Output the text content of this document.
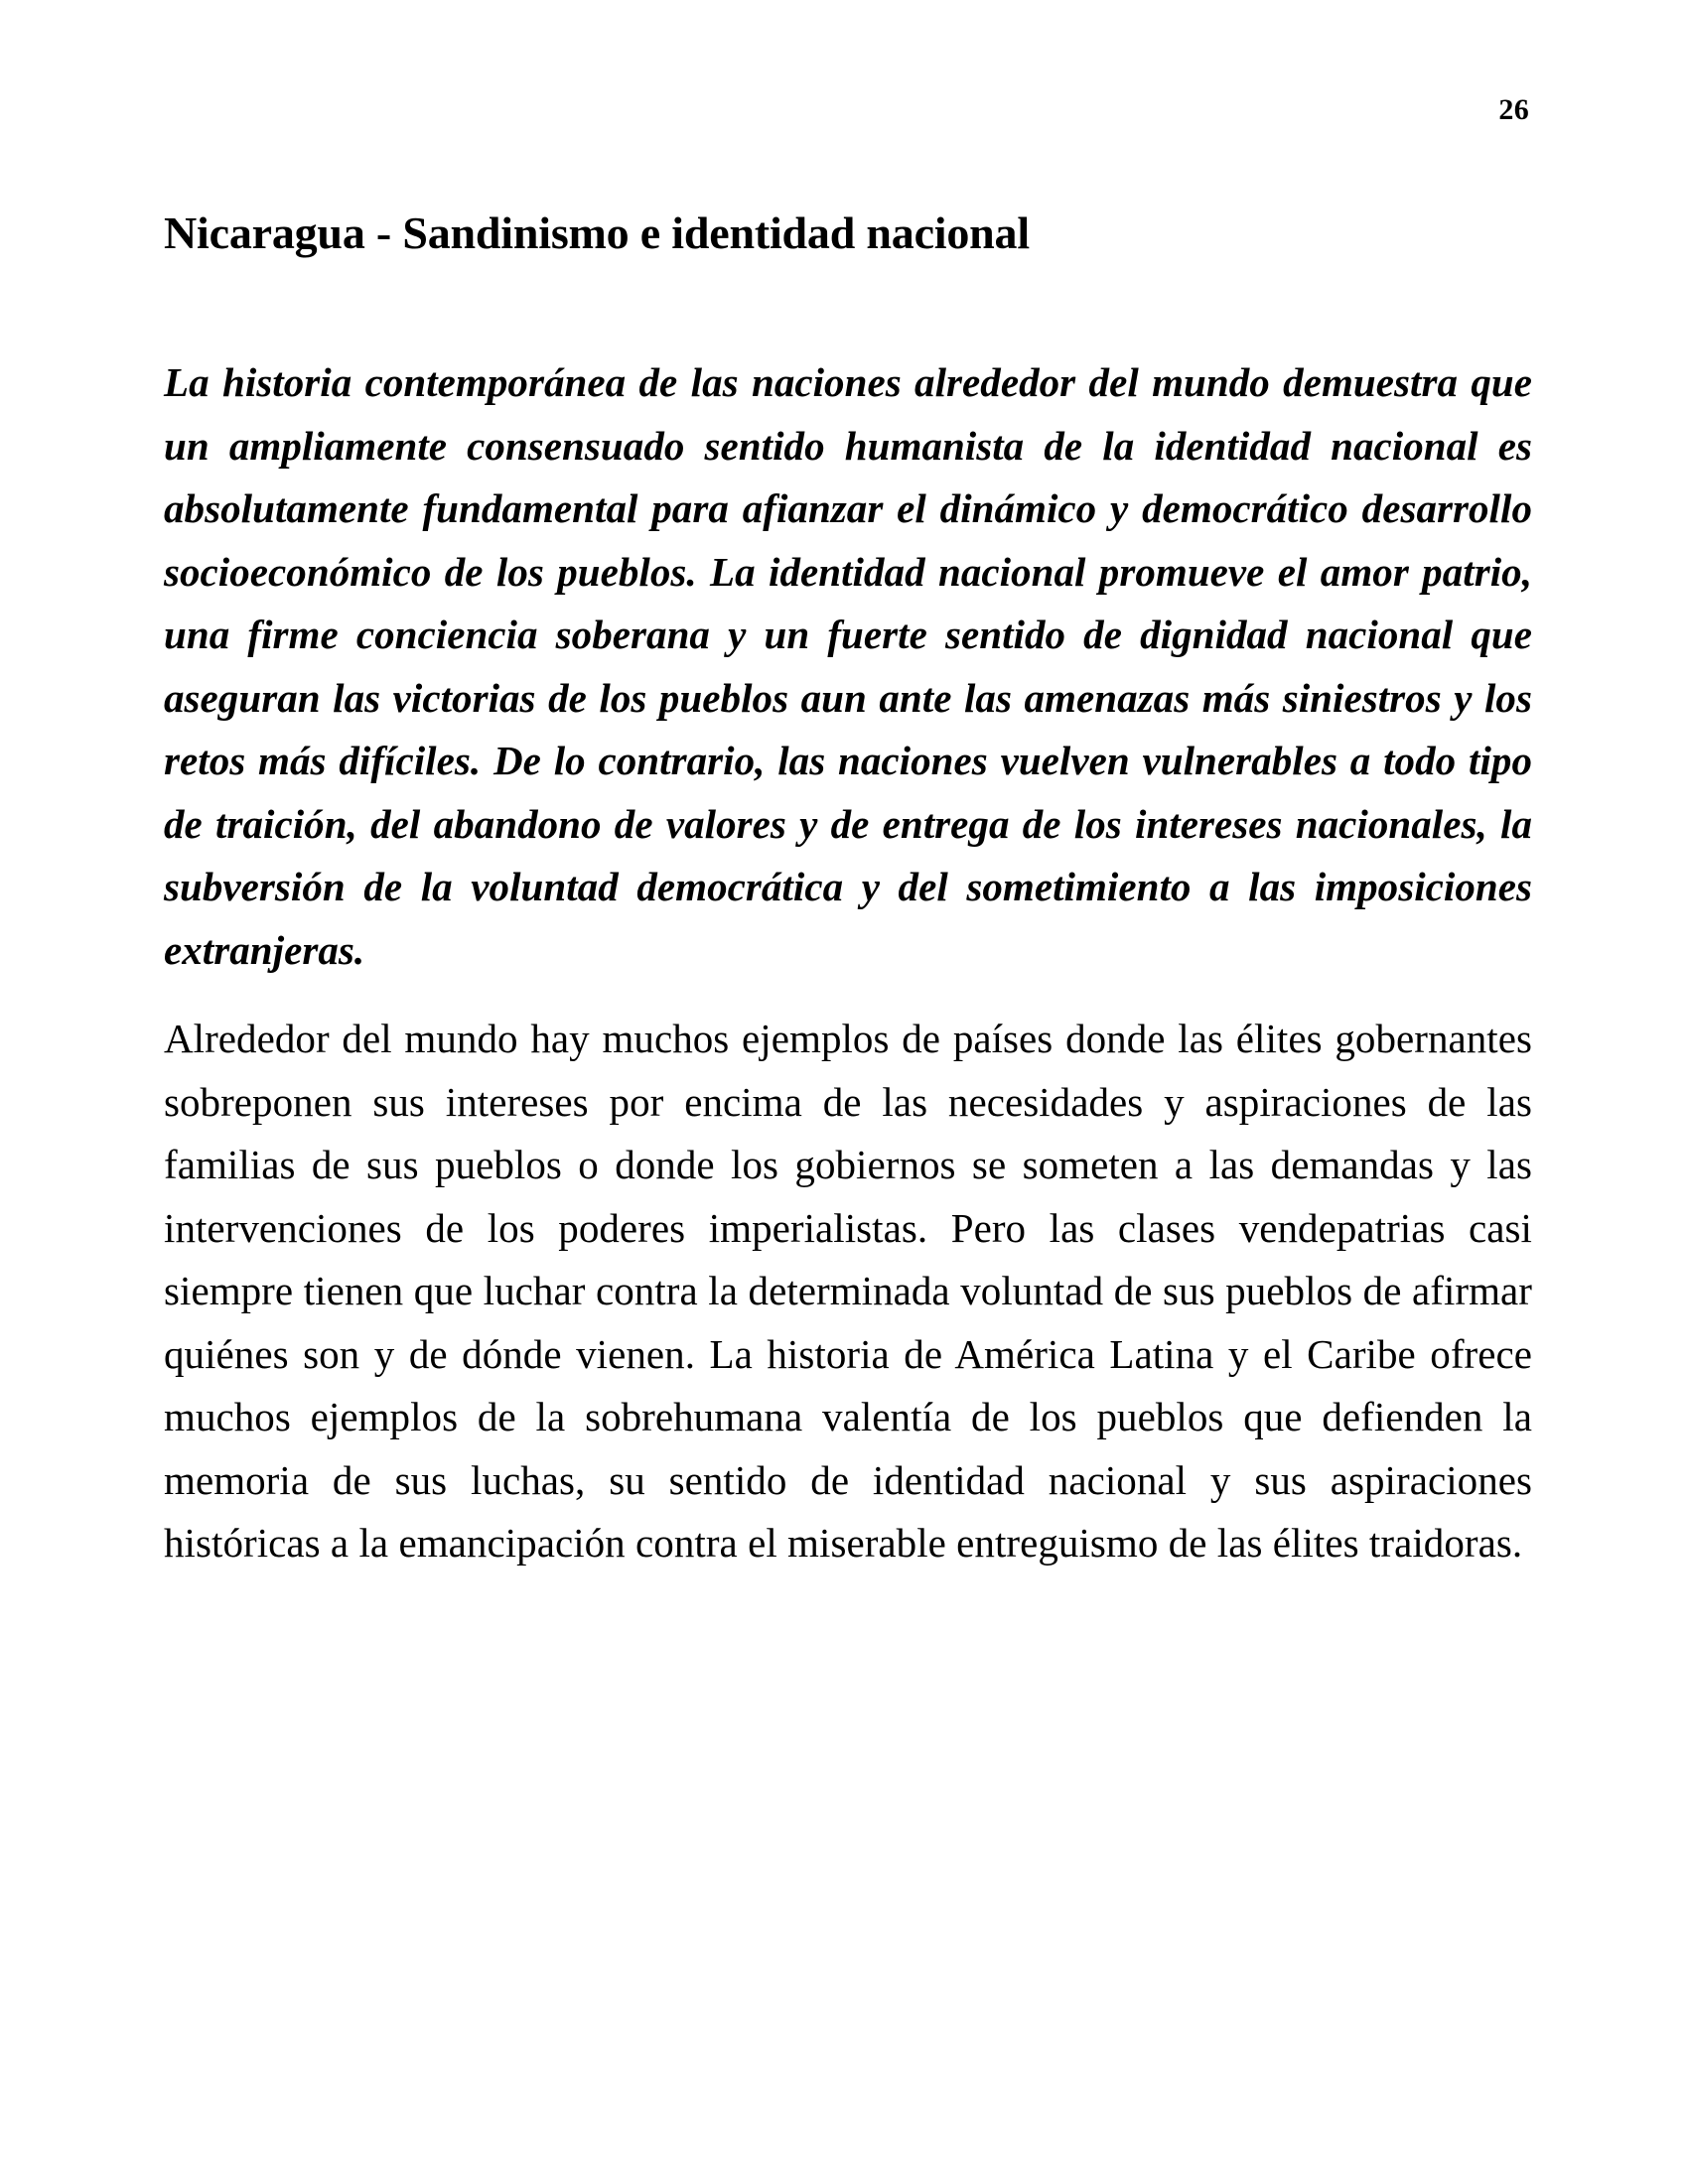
26
Nicaragua - Sandinismo e identidad nacional

La historia contemporánea de las naciones alrededor del mundo demuestra que un ampliamente consensuado sentido humanista de la identidad nacional es absolutamente fundamental para afianzar el dinámico y democrático desarrollo socioeconómico de los pueblos. La identidad nacional promueve el amor patrio, una firme conciencia soberana y un fuerte sentido de dignidad nacional que aseguran las victorias de los pueblos aun ante las amenazas más siniestros y los retos más difíciles. De lo contrario, las naciones vuelven vulnerables a todo tipo de traición, del abandono de valores y de entrega de los intereses nacionales, la subversión de la voluntad democrática y del sometimiento a las imposiciones extranjeras.

Alrededor del mundo hay muchos ejemplos de países donde las élites gobernantes sobreponen sus intereses por encima de las necesidades y aspiraciones de las familias de sus pueblos o donde los gobiernos se someten a las demandas y las intervenciones de los poderes imperialistas. Pero las clases vendepatrias casi siempre tienen que luchar contra la determinada voluntad de sus pueblos de afirmar quiénes son y de dónde vienen. La historia de América Latina y el Caribe ofrece muchos ejemplos de la sobrehumana valentía de los pueblos que defienden la memoria de sus luchas, su sentido de identidad nacional y sus aspiraciones históricas a la emancipación contra el miserable entreguismo de las élites traidoras.
